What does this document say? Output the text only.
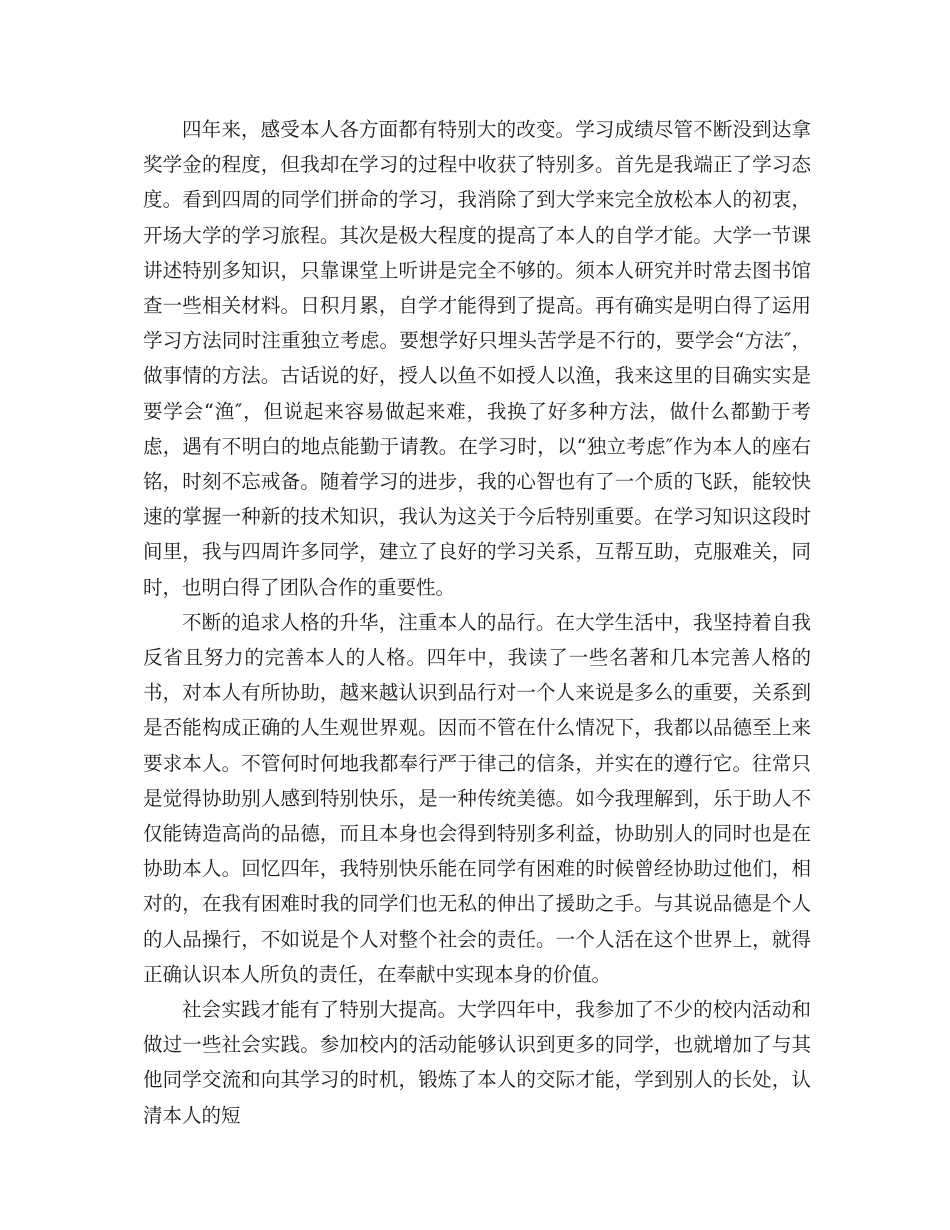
四年来，感受本人各方面都有特别大的改变。学习成绩尽管不断没到达拿奖学金的程度，但我却在学习的过程中收获了特别多。首先是我端正了学习态度。看到四周的同学们拼命的学习，我消除了到大学来完全放松本人的初衷，开场大学的学习旅程。其次是极大程度的提高了本人的自学才能。大学一节课讲述特别多知识，只靠课堂上听讲是完全不够的。须本人研究并时常去图书馆查一些相关材料。日积月累，自学才能得到了提高。再有确实是明白得了运用学习方法同时注重独立考虑。要想学好只埋头苦学是不行的，要学会“方法″，做事情的方法。古话说的好，授人以鱼不如授人以渔，我来这里的目确实实是要学会“渔″，但说起来容易做起来难，我换了好多种方法，做什么都勤于考虑，遇有不明白的地点能勤于请教。在学习时，以“独立考虑″作为本人的座右铭，时刻不忘戒备。随着学习的进步，我的心智也有了一个质的飞跃，能较快速的掌握一种新的技术知识，我认为这关于今后特别重要。在学习知识这段时间里，我与四周许多同学，建立了良好的学习关系，互帮互助，克服难关，同时，也明白得了团队合作的重要性。

不断的追求人格的升华，注重本人的品行。在大学生活中，我坚持着自我反省且努力的完善本人的人格。四年中，我读了一些名著和几本完善人格的书，对本人有所协助，越来越认识到品行对一个人来说是多么的重要，关系到是否能构成正确的人生观世界观。因而不管在什么情况下，我都以品德至上来要求本人。不管何时何地我都奉行严于律己的信条，并实在的遵行它。往常只是觉得协助别人感到特别快乐，是一种传统美德。如今我理解到，乐于助人不仅能铸造高尚的品德，而且本身也会得到特别多利益，协助别人的同时也是在协助本人。回忆四年，我特别快乐能在同学有困难的时候曾经协助过他们，相对的，在我有困难时我的同学们也无私的伸出了援助之手。与其说品德是个人的人品操行，不如说是个人对整个社会的责任。一个人活在这个世界上，就得正确认识本人所负的责任，在奉献中实现本身的价值。

社会实践才能有了特别大提高。大学四年中，我参加了不少的校内活动和做过一些社会实践。参加校内的活动能够认识到更多的同学，也就增加了与其他同学交流和向其学习的时机，锻炼了本人的交际才能，学到别人的长处，认清本人的短
